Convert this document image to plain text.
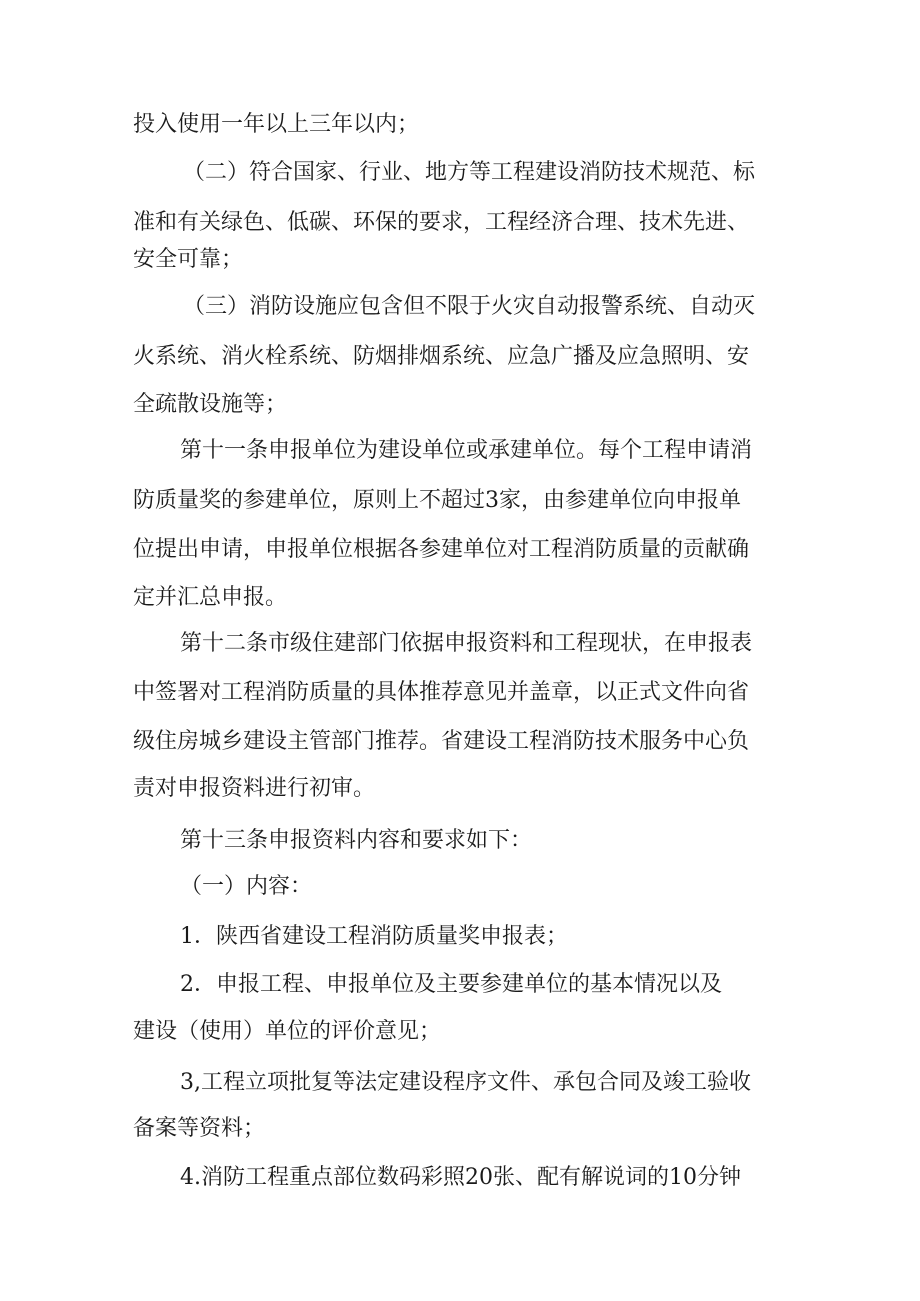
投入使用一年以上三年以内；
（二）符合国家、行业、地方等工程建设消防技术规范、标
准和有关绿色、低碳、环保的要求，工程经济合理、技术先进、
安全可靠；
（三）消防设施应包含但不限于火灾自动报警系统、自动灭
火系统、消火栓系统、防烟排烟系统、应急广播及应急照明、安
全疏散设施等；
第十一条申报单位为建设单位或承建单位。每个工程申请消
防质量奖的参建单位，原则上不超过3家，由参建单位向申报单
位提出申请，申报单位根据各参建单位对工程消防质量的贡献确
定并汇总申报。
第十二条市级住建部门依据申报资料和工程现状，在申报表
中签署对工程消防质量的具体推荐意见并盖章，以正式文件向省
级住房城乡建设主管部门推荐。省建设工程消防技术服务中心负
责对申报资料进行初审。
第十三条申报资料内容和要求如下：
（一）内容：
1．陕西省建设工程消防质量奖申报表；
2．申报工程、申报单位及主要参建单位的基本情况以及
建设（使用）单位的评价意见；
3,工程立项批复等法定建设程序文件、承包合同及竣工验收
备案等资料；
4.消防工程重点部位数码彩照20张、配有解说词的10分钟
